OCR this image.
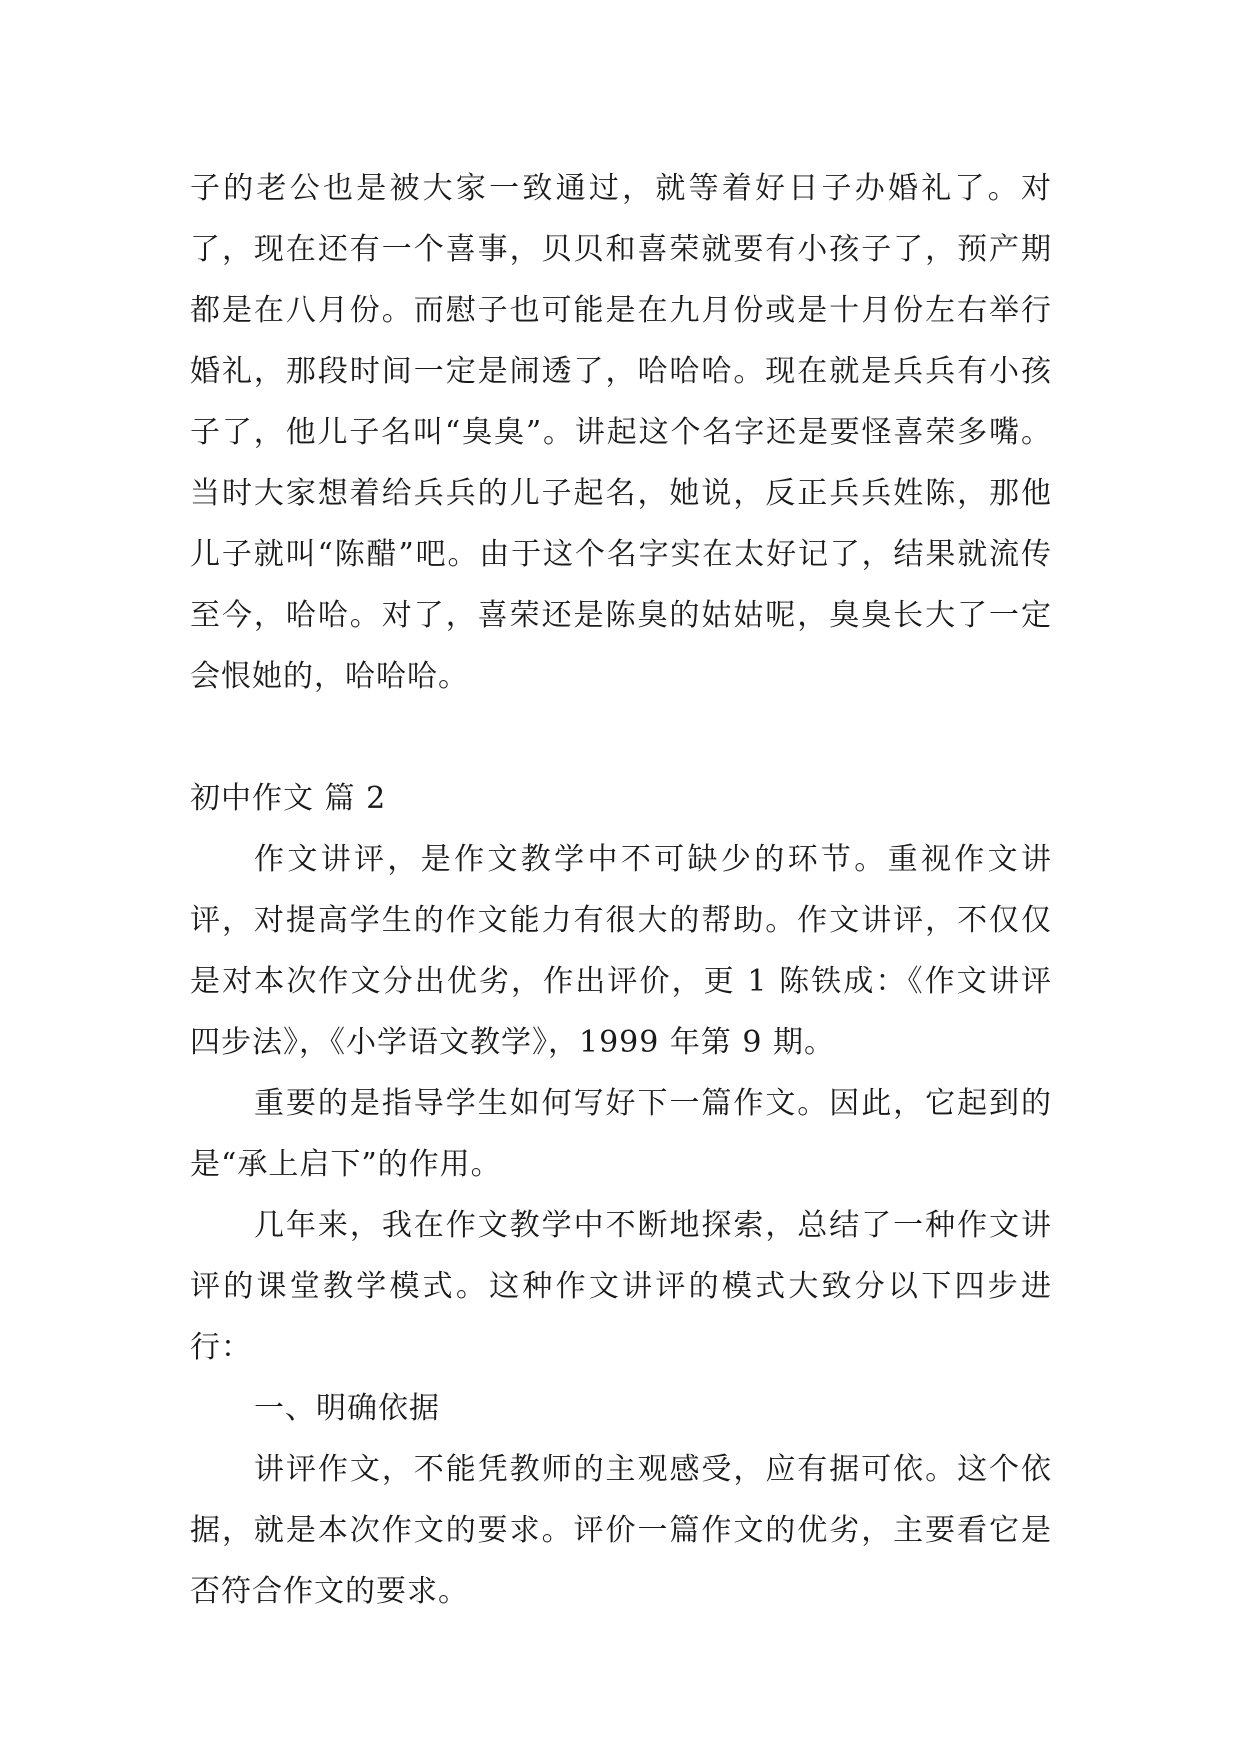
子的老公也是被大家一致通过，就等着好日子办婚礼了。对了，现在还有一个喜事，贝贝和喜荣就要有小孩子了，预产期都是在八月份。而慰子也可能是在九月份或是十月份左右举行婚礼，那段时间一定是闹透了，哈哈哈。现在就是兵兵有小孩子了，他儿子名叫“臭臭”。讲起这个名字还是要怪喜荣多嘴。当时大家想着给兵兵的儿子起名，她说，反正兵兵姓陈，那他儿子就叫“陈醋”吧。由于这个名字实在太好记了，结果就流传至今，哈哈。对了，喜荣还是陈臭的姑姑呢，臭臭长大了一定会恨她的，哈哈哈。

初中作文 篇 2

作文讲评，是作文教学中不可缺少的环节。重视作文讲评，对提高学生的作文能力有很大的帮助。作文讲评，不仅仅是对本次作文分出优劣，作出评价，更 1 陈铁成：《作文讲评四步法》，《小学语文教学》，1999 年第 9 期。

重要的是指导学生如何写好下一篇作文。因此，它起到的是“承上启下”的作用。

几年来，我在作文教学中不断地探索，总结了一种作文讲评的课堂教学模式。这种作文讲评的模式大致分以下四步进行：

一、明确依据

讲评作文，不能凭教师的主观感受，应有据可依。这个依据，就是本次作文的要求。评价一篇作文的优劣，主要看它是否符合作文的要求。
